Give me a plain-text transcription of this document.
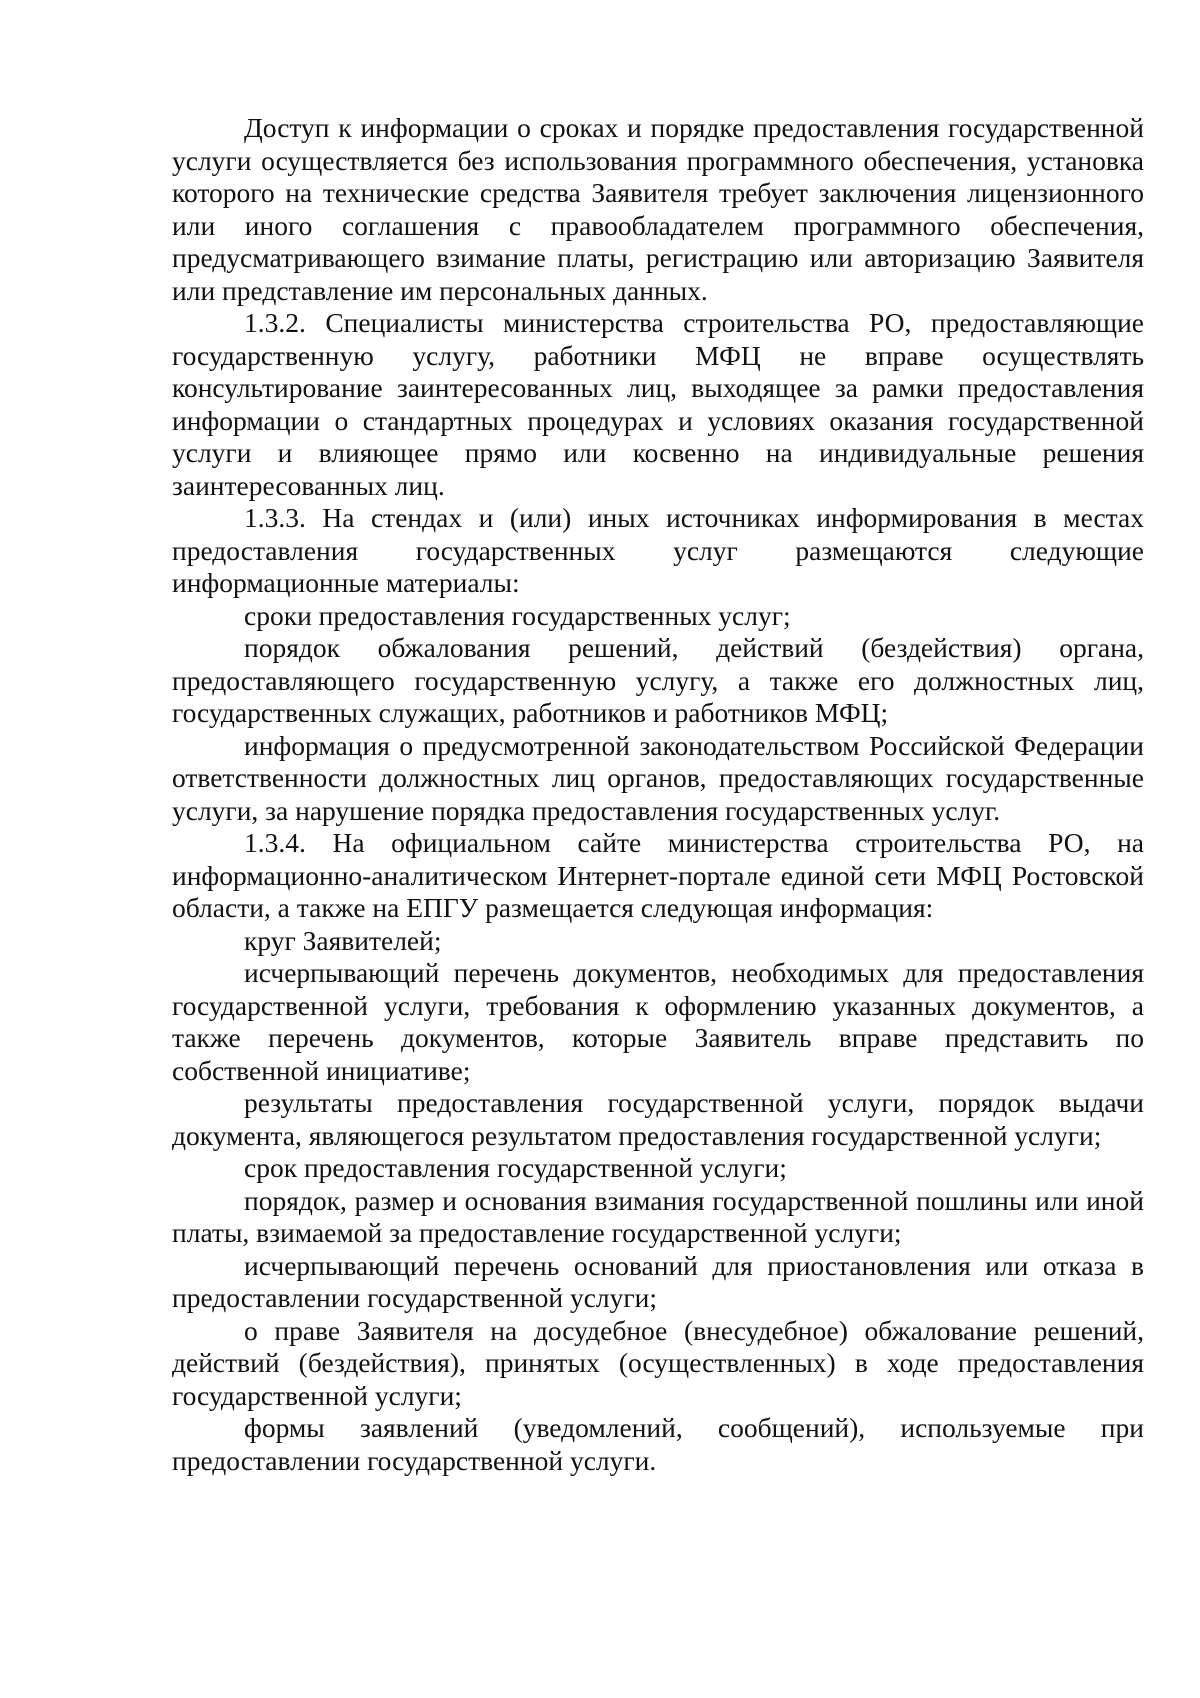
Доступ к информации о сроках и порядке предоставления государственной услуги осуществляется без использования программного обеспечения, установка которого на технические средства Заявителя требует заключения лицензионного или иного соглашения с правообладателем программного обеспечения, предусматривающего взимание платы, регистрацию или авторизацию Заявителя или представление им персональных данных.

1.3.2. Специалисты министерства строительства РО, предоставляющие государственную услугу, работники МФЦ не вправе осуществлять консультирование заинтересованных лиц, выходящее за рамки предоставления информации о стандартных процедурах и условиях оказания государственной услуги и влияющее прямо или косвенно на индивидуальные решения заинтересованных лиц.

1.3.3. На стендах и (или) иных источниках информирования в местах предоставления государственных услуг размещаются следующие информационные материалы:

сроки предоставления государственных услуг;

порядок обжалования решений, действий (бездействия) органа, предоставляющего государственную услугу, а также его должностных лиц, государственных служащих, работников и работников МФЦ;

информация о предусмотренной законодательством Российской Федерации ответственности должностных лиц органов, предоставляющих государственные услуги, за нарушение порядка предоставления государственных услуг.

1.3.4. На официальном сайте министерства строительства РО, на информационно-аналитическом Интернет-портале единой сети МФЦ Ростовской области, а также на ЕПГУ размещается следующая информация:

круг Заявителей;

исчерпывающий перечень документов, необходимых для предоставления государственной услуги, требования к оформлению указанных документов, а также перечень документов, которые Заявитель вправе представить по собственной инициативе;

результаты предоставления государственной услуги, порядок выдачи документа, являющегося результатом предоставления государственной услуги;

срок предоставления государственной услуги;

порядок, размер и основания взимания государственной пошлины или иной платы, взимаемой за предоставление государственной услуги;

исчерпывающий перечень оснований для приостановления или отказа в предоставлении государственной услуги;

о праве Заявителя на досудебное (внесудебное) обжалование решений, действий (бездействия), принятых (осуществленных) в ходе предоставления государственной услуги;

формы заявлений (уведомлений, сообщений), используемые при предоставлении государственной услуги.
